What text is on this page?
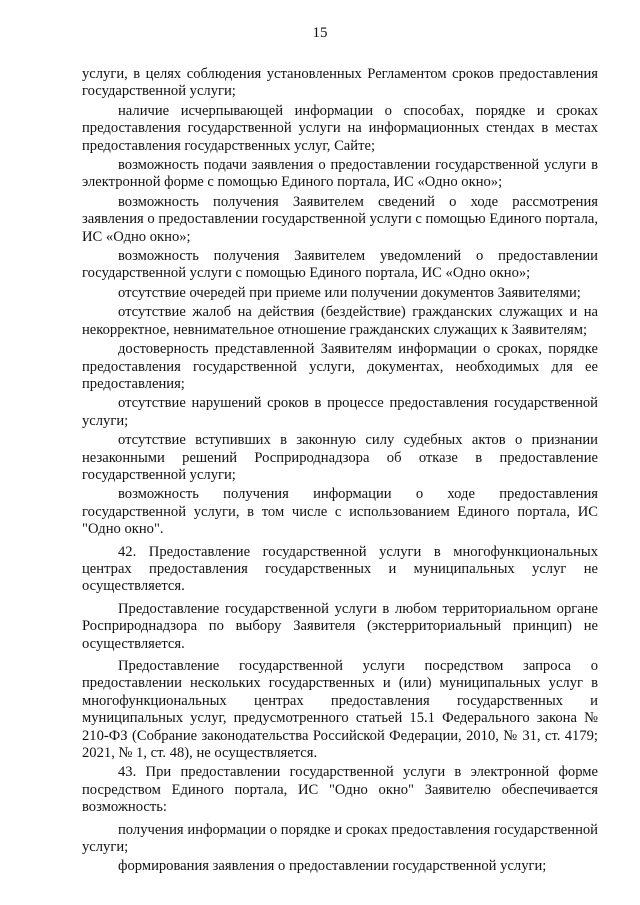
15

услуги, в целях соблюдения установленных Регламентом сроков предоставления государственной услуги;

наличие исчерпывающей информации о способах, порядке и сроках предоставления государственной услуги на информационных стендах в местах предоставления государственных услуг, Сайте;

возможность подачи заявления о предоставлении государственной услуги в электронной форме с помощью Единого портала, ИС «Одно окно»;

возможность получения Заявителем сведений о ходе рассмотрения заявления о предоставлении государственной услуги с помощью Единого портала, ИС «Одно окно»;

возможность получения Заявителем уведомлений о предоставлении государственной услуги с помощью Единого портала, ИС «Одно окно»;

отсутствие очередей при приеме или получении документов Заявителями;

отсутствие жалоб на действия (бездействие) гражданских служащих и на некорректное, невнимательное отношение гражданских служащих к Заявителям;

достоверность представленной Заявителям информации о сроках, порядке предоставления государственной услуги, документах, необходимых для ее предоставления;

отсутствие нарушений сроков в процессе предоставления государственной услуги;

отсутствие вступивших в законную силу судебных актов о признании незаконными решений Росприроднадзора об отказе в предоставление государственной услуги;

возможность получения информации о ходе предоставления государственной услуги, в том числе с использованием Единого портала, ИС "Одно окно".

42. Предоставление государственной услуги в многофункциональных центрах предоставления государственных и муниципальных услуг не осуществляется.

Предоставление государственной услуги в любом территориальном органе Росприроднадзора по выбору Заявителя (экстерриториальный принцип) не осуществляется.

Предоставление государственной услуги посредством запроса о предоставлении нескольких государственных и (или) муниципальных услуг в многофункциональных центрах предоставления государственных и муниципальных услуг, предусмотренного статьей 15.1 Федерального закона № 210-ФЗ (Собрание законодательства Российской Федерации, 2010, № 31, ст. 4179; 2021, № 1, ст. 48), не осуществляется.

43. При предоставлении государственной услуги в электронной форме посредством Единого портала, ИС "Одно окно" Заявителю обеспечивается возможность:

получения информации о порядке и сроках предоставления государственной услуги;

формирования заявления о предоставлении государственной услуги;
